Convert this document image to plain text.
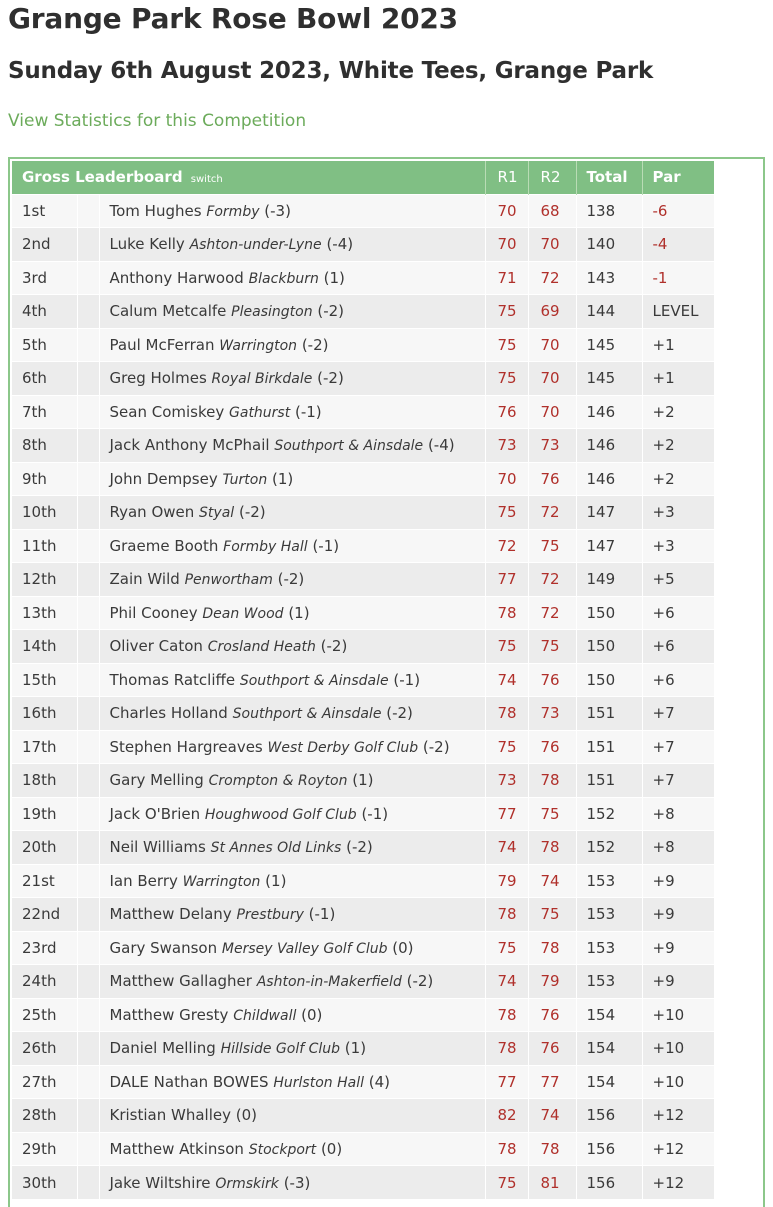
Grange Park Rose Bowl 2023
Sunday 6th August 2023, White Tees, Grange Park
View Statistics for this Competition
Gross Leaderboard switch			R1	R2	Total	Par
1st		Tom Hughes Formby (-3)	70	68	138	-6
2nd		Luke Kelly Ashton-under-Lyne (-4)	70	70	140	-4
3rd		Anthony Harwood Blackburn (1)	71	72	143	-1
4th		Calum Metcalfe Pleasington (-2)	75	69	144	LEVEL
5th		Paul McFerran Warrington (-2)	75	70	145	+1
6th		Greg Holmes Royal Birkdale (-2)	75	70	145	+1
7th		Sean Comiskey Gathurst (-1)	76	70	146	+2
8th		Jack Anthony McPhail Southport & Ainsdale (-4)	73	73	146	+2
9th		John Dempsey Turton (1)	70	76	146	+2
10th		Ryan Owen Styal (-2)	75	72	147	+3
11th		Graeme Booth Formby Hall (-1)	72	75	147	+3
12th		Zain Wild Penwortham (-2)	77	72	149	+5
13th		Phil Cooney Dean Wood (1)	78	72	150	+6
14th		Oliver Caton Crosland Heath (-2)	75	75	150	+6
15th		Thomas Ratcliffe Southport & Ainsdale (-1)	74	76	150	+6
16th		Charles Holland Southport & Ainsdale (-2)	78	73	151	+7
17th		Stephen Hargreaves West Derby Golf Club (-2)	75	76	151	+7
18th		Gary Melling Crompton & Royton (1)	73	78	151	+7
19th		Jack O'Brien Houghwood Golf Club (-1)	77	75	152	+8
20th		Neil Williams St Annes Old Links (-2)	74	78	152	+8
21st		Ian Berry Warrington (1)	79	74	153	+9
22nd		Matthew Delany Prestbury (-1)	78	75	153	+9
23rd		Gary Swanson Mersey Valley Golf Club (0)	75	78	153	+9
24th		Matthew Gallagher Ashton-in-Makerfield (-2)	74	79	153	+9
25th		Matthew Gresty Childwall (0)	78	76	154	+10
26th		Daniel Melling Hillside Golf Club (1)	78	76	154	+10
27th		DALE Nathan BOWES Hurlston Hall (4)	77	77	154	+10
28th		Kristian Whalley (0)	82	74	156	+12
29th		Matthew Atkinson Stockport (0)	78	78	156	+12
30th		Jake Wiltshire Ormskirk (-3)	75	81	156	+12
